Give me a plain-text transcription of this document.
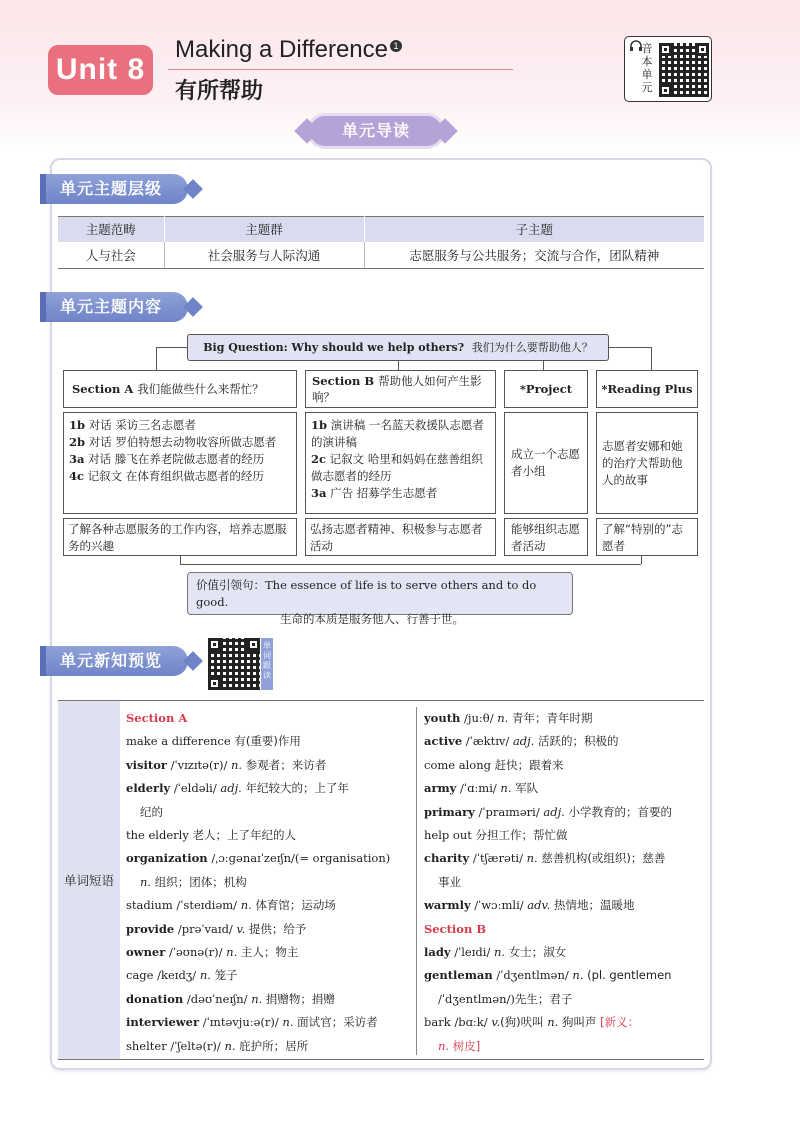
Unit 8
Making a Difference 1
有所帮助
音本单元
单元导读
单元主题层级
主题范畴	主题群	子主题
人与社会	社会服务与人际沟通	志愿服务与公共服务；交流与合作，团队精神
单元主题内容
Big Question: Why should we help others? 我们为什么要帮助他人？
Section A
我们能做些什么来帮忙？
1b 对话 采访三名志愿者
2b 对话 罗伯特想去动物收容所做志愿者
3a 对话 滕飞在养老院做志愿者的经历
4c 记叙文 在体育组织做志愿者的经历
了解各种志愿服务的工作内容，培养志愿服务的兴趣
Section B 帮助他人如何产生影响？
1b 演讲稿 一名蓝天救援队志愿者的演讲稿
2c 记叙文 哈里和妈妈在慈善组织做志愿者的经历
3a 广告 招募学生志愿者
弘扬志愿者精神、积极参与志愿者活动
*Project
成立一个志愿者小组
能够组织志愿者活动
*Reading Plus
志愿者安娜和她的治疗犬帮助他人的故事
了解“特别的”志愿者
价值引领句：The essence of life is to serve others and to do good.
生命的本质是服务他人、行善于世。
单元新知预览
单词跟读
单词短语
Section A
make a difference 有(重要)作用
visitor /ˈvɪzɪtə(r)/ n. 参观者；来访者
elderly /ˈeldəli/ adj. 年纪较大的；上了年
纪的
the elderly 老人；上了年纪的人
organization /ˌɔːɡənaɪˈzeɪʃn/(= organisation)
n. 组织；团体；机构
stadium /ˈsteɪdiəm/ n. 体育馆；运动场
provide /prəˈvaɪd/ v. 提供；给予
owner /ˈəʊnə(r)/ n. 主人；物主
cage /keɪdʒ/ n. 笼子
donation /dəʊˈneɪʃn/ n. 捐赠物；捐赠
interviewer /ˈɪntəvjuːə(r)/ n. 面试官；采访者
shelter /ˈʃeltə(r)/ n. 庇护所；居所
youth /juːθ/ n. 青年；青年时期
active /ˈæktɪv/ adj. 活跃的；积极的
come along 赶快；跟着来
army /ˈɑːmi/ n. 军队
primary /ˈpraɪməri/ adj. 小学教育的；首要的
help out 分担工作；帮忙做
charity /ˈtʃærəti/ n. 慈善机构(或组织)；慈善
事业
warmly /ˈwɔːmli/ adv. 热情地；温暖地
Section B
lady /ˈleɪdi/ n. 女士；淑女
gentleman /ˈdʒentlmən/ n. (pl. gentlemen
/ˈdʒentlmən/)先生；君子
bark /bɑːk/ v.(狗)吠叫 n. 狗叫声 [新义：
n. 树皮]
